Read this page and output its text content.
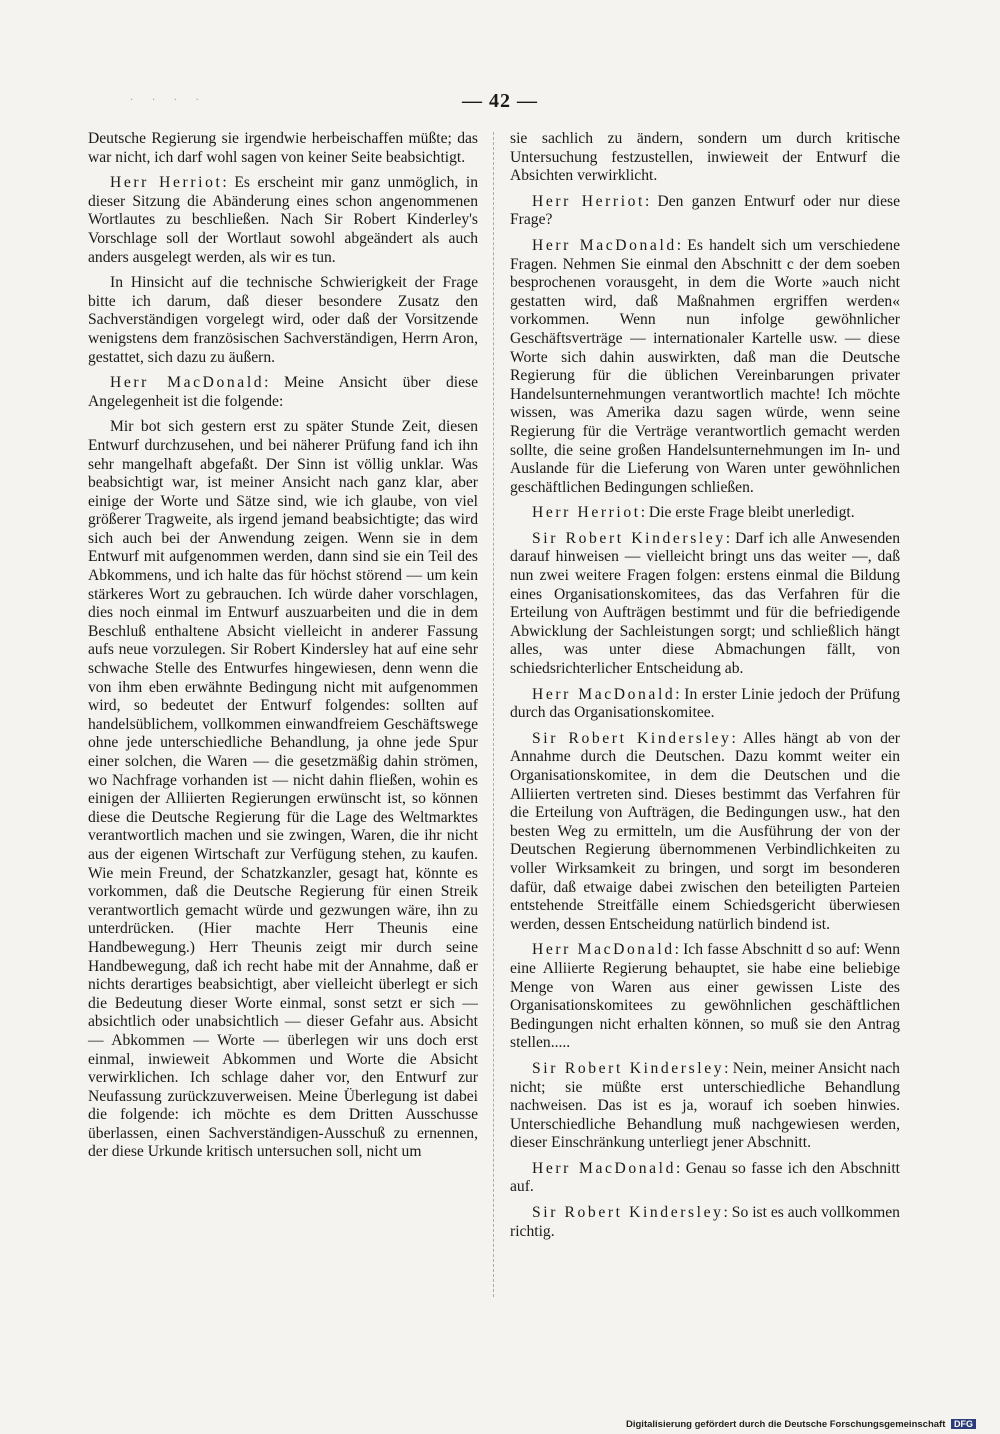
· · · ·	— 42 —

Deutsche Regierung sie irgendwie herbeischaffen müßte; das war nicht, ich darf wohl sagen von keiner Seite beabsichtigt.

Herr Herriot: Es erscheint mir ganz unmöglich, in dieser Sitzung die Abänderung eines schon angenommenen Wortlautes zu beschließen. Nach Sir Robert Kinderley's Vorschlage soll der Wortlaut sowohl abgeändert als auch anders ausgelegt werden, als wir es tun.

In Hinsicht auf die technische Schwierigkeit der Frage bitte ich darum, daß dieser besondere Zusatz den Sachverständigen vorgelegt wird, oder daß der Vorsitzende wenigstens dem französischen Sachverständigen, Herrn Aron, gestattet, sich dazu zu äußern.

Herr MacDonald: Meine Ansicht über diese Angelegenheit ist die folgende:

Mir bot sich gestern erst zu später Stunde Zeit, diesen Entwurf durchzusehen, und bei näherer Prüfung fand ich ihn sehr mangelhaft abgefaßt. Der Sinn ist völlig unklar. Was beabsichtigt war, ist meiner Ansicht nach ganz klar, aber einige der Worte und Sätze sind, wie ich glaube, von viel größerer Tragweite, als irgend jemand beabsichtigte; das wird sich auch bei der Anwendung zeigen. Wenn sie in dem Entwurf mit aufgenommen werden, dann sind sie ein Teil des Abkommens, und ich halte das für höchst störend — um kein stärkeres Wort zu gebrauchen. Ich würde daher vorschlagen, dies noch einmal im Entwurf auszuarbeiten und die in dem Beschluß enthaltene Absicht vielleicht in anderer Fassung aufs neue vorzulegen. Sir Robert Kindersley hat auf eine sehr schwache Stelle des Entwurfes hingewiesen, denn wenn die von ihm eben erwähnte Bedingung nicht mit aufgenommen wird, so bedeutet der Entwurf folgendes: sollten auf handelsüblichem, vollkommen einwandfreiem Geschäftswege ohne jede unterschiedliche Behandlung, ja ohne jede Spur einer solchen, die Waren — die gesetzmäßig dahin strömen, wo Nachfrage vorhanden ist — nicht dahin fließen, wohin es einigen der Alliierten Regierungen erwünscht ist, so können diese die Deutsche Regierung für die Lage des Weltmarktes verantwortlich machen und sie zwingen, Waren, die ihr nicht aus der eigenen Wirtschaft zur Verfügung stehen, zu kaufen. Wie mein Freund, der Schatzkanzler, gesagt hat, könnte es vorkommen, daß die Deutsche Regierung für einen Streik verantwortlich gemacht würde und gezwungen wäre, ihn zu unterdrücken. (Hier machte Herr Theunis eine Handbewegung.) Herr Theunis zeigt mir durch seine Handbewegung, daß ich recht habe mit der Annahme, daß er nichts derartiges beabsichtigt, aber vielleicht überlegt er sich die Bedeutung dieser Worte einmal, sonst setzt er sich — absichtlich oder unabsichtlich — dieser Gefahr aus. Absicht — Abkommen — Worte — überlegen wir uns doch erst einmal, inwieweit Abkommen und Worte die Absicht verwirklichen. Ich schlage daher vor, den Entwurf zur Neufassung zurückzuverweisen. Meine Überlegung ist dabei die folgende: ich möchte es dem Dritten Ausschusse überlassen, einen Sachverständigen-Ausschuß zu ernennen, der diese Urkunde kritisch untersuchen soll, nicht um

sie sachlich zu ändern, sondern um durch kritische Untersuchung festzustellen, inwieweit der Entwurf die Absichten verwirklicht.

Herr Herriot: Den ganzen Entwurf oder nur diese Frage?

Herr MacDonald: Es handelt sich um verschiedene Fragen. Nehmen Sie einmal den Abschnitt c der dem soeben besprochenen vorausgeht, in dem die Worte »auch nicht gestatten wird, daß Maßnahmen ergriffen werden« vorkommen. Wenn nun infolge gewöhnlicher Geschäftsverträge — internationaler Kartelle usw. — diese Worte sich dahin auswirkten, daß man die Deutsche Regierung für die üblichen Vereinbarungen privater Handelsunternehmungen verantwortlich machte! Ich möchte wissen, was Amerika dazu sagen würde, wenn seine Regierung für die Verträge verantwortlich gemacht werden sollte, die seine großen Handelsunternehmungen im In- und Auslande für die Lieferung von Waren unter gewöhnlichen geschäftlichen Bedingungen schließen.

Herr Herriot: Die erste Frage bleibt unerledigt.

Sir Robert Kindersley: Darf ich alle Anwesenden darauf hinweisen — vielleicht bringt uns das weiter —, daß nun zwei weitere Fragen folgen: erstens einmal die Bildung eines Organisationskomitees, das das Verfahren für die Erteilung von Aufträgen bestimmt und für die befriedigende Abwicklung der Sachleistungen sorgt; und schließlich hängt alles, was unter diese Abmachungen fällt, von schiedsrichterlicher Entscheidung ab.

Herr MacDonald: In erster Linie jedoch der Prüfung durch das Organisationskomitee.

Sir Robert Kindersley: Alles hängt ab von der Annahme durch die Deutschen. Dazu kommt weiter ein Organisationskomitee, in dem die Deutschen und die Alliierten vertreten sind. Dieses bestimmt das Verfahren für die Erteilung von Aufträgen, die Bedingungen usw., hat den besten Weg zu ermitteln, um die Ausführung der von der Deutschen Regierung übernommenen Verbindlichkeiten zu voller Wirksamkeit zu bringen, und sorgt im besonderen dafür, daß etwaige dabei zwischen den beteiligten Parteien entstehende Streitfälle einem Schiedsgericht überwiesen werden, dessen Entscheidung natürlich bindend ist.

Herr MacDonald: Ich fasse Abschnitt d so auf: Wenn eine Alliierte Regierung behauptet, sie habe eine beliebige Menge von Waren aus einer gewissen Liste des Organisationskomitees zu gewöhnlichen geschäftlichen Bedingungen nicht erhalten können, so muß sie den Antrag stellen.....

Sir Robert Kindersley: Nein, meiner Ansicht nach nicht; sie müßte erst unterschiedliche Behandlung nachweisen. Das ist es ja, worauf ich soeben hinwies. Unterschiedliche Behandlung muß nachgewiesen werden, dieser Einschränkung unterliegt jener Abschnitt.

Herr MacDonald: Genau so fasse ich den Abschnitt auf.

Sir Robert Kindersley: So ist es auch vollkommen richtig.

Digitalisierung gefördert durch die Deutsche Forschungsgemeinschaft DFG
